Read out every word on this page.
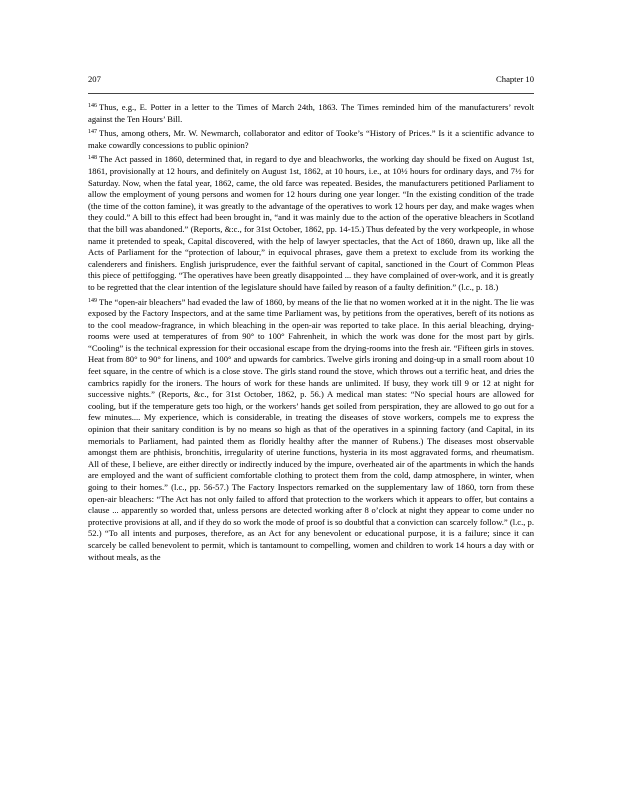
207	Chapter 10

$^{146}$ Thus, e.g., E. Potter in a letter to the Times of March 24th, 1863. The Times reminded him of the manufacturers’ revolt against the Ten Hours’ Bill.

$^{147}$ Thus, among others, Mr. W. Newmarch, collaborator and editor of Tooke’s “History of Prices.” Is it a scientific advance to make cowardly concessions to public opinion?

$^{148}$ The Act passed in 1860, determined that, in regard to dye and bleachworks, the working day should be fixed on August 1st, 1861, provisionally at 12 hours, and definitely on August 1st, 1862, at 10 hours, i.e., at 10½ hours for ordinary days, and 7½ for Saturday. Now, when the fatal year, 1862, came, the old farce was repeated. Besides, the manufacturers petitioned Parliament to allow the employment of young persons and women for 12 hours during one year longer. “In the existing condition of the trade (the time of the cotton famine), it was greatly to the advantage of the operatives to work 12 hours per day, and make wages when they could.” A bill to this effect had been brought in, “and it was mainly due to the action of the operative bleachers in Scotland that the bill was abandoned.” (Reports, &:c., for 31st October, 1862, pp. 14-15.) Thus defeated by the very workpeople, in whose name it pretended to speak, Capital discovered, with the help of lawyer spectacles, that the Act of 1860, drawn up, like all the Acts of Parliament for the “protection of labour,” in equivocal phrases, gave them a pretext to exclude from its working the calenderers and finishers. English jurisprudence, ever the faithful servant of capital, sanctioned in the Court of Common Pleas this piece of pettifogging. “The operatives have been greatly disappointed ... they have complained of over-work, and it is greatly to be regretted that the clear intention of the legislature should have failed by reason of a faulty definition.” (l.c., p. 18.)

$^{149}$ The “open-air bleachers” had evaded the law of 1860, by means of the lie that no women worked at it in the night. The lie was exposed by the Factory Inspectors, and at the same time Parliament was, by petitions from the operatives, bereft of its notions as to the cool meadow-fragrance, in which bleaching in the open-air was reported to take place. In this aerial bleaching, drying-rooms were used at temperatures of from 90° to 100° Fahrenheit, in which the work was done for the most part by girls. “Cooling” is the technical expression for their occasional escape from the drying-rooms into the fresh air. “Fifteen girls in stoves. Heat from 80° to 90° for linens, and 100° and upwards for cambrics. Twelve girls ironing and doing-up in a small room about 10 feet square, in the centre of which is a close stove. The girls stand round the stove, which throws out a terrific heat, and dries the cambrics rapidly for the ironers. The hours of work for these hands are unlimited. If busy, they work till 9 or 12 at night for successive nights.” (Reports, &c., for 31st October, 1862, p. 56.) A medical man states: “No special hours are allowed for cooling, but if the temperature gets too high, or the workers’ hands get soiled from perspiration, they are allowed to go out for a few minutes.... My experience, which is considerable, in treating the diseases of stove workers, compels me to express the opinion that their sanitary condition is by no means so high as that of the operatives in a spinning factory (and Capital, in its memorials to Parliament, had painted them as floridly healthy after the manner of Rubens.) The diseases most observable amongst them are phthisis, bronchitis, irregularity of uterine functions, hysteria in its most aggravated forms, and rheumatism. All of these, I believe, are either directly or indirectly induced by the impure, overheated air of the apartments in which the hands are employed and the want of sufficient comfortable clothing to protect them from the cold, damp atmosphere, in winter, when going to their homes.” (l.c., pp. 56-57.) The Factory Inspectors remarked on the supplementary law of 1860, torn from these open-air bleachers: “The Act has not only failed to afford that protection to the workers which it appears to offer, but contains a clause ... apparently so worded that, unless persons are detected working after 8 o’clock at night they appear to come under no protective provisions at all, and if they do so work the mode of proof is so doubtful that a conviction can scarcely follow.” (l.c., p. 52.) “To all intents and purposes, therefore, as an Act for any benevolent or educational purpose, it is a failure; since it can scarcely be called benevolent to permit, which is tantamount to compelling, women and children to work 14 hours a day with or without meals, as the
